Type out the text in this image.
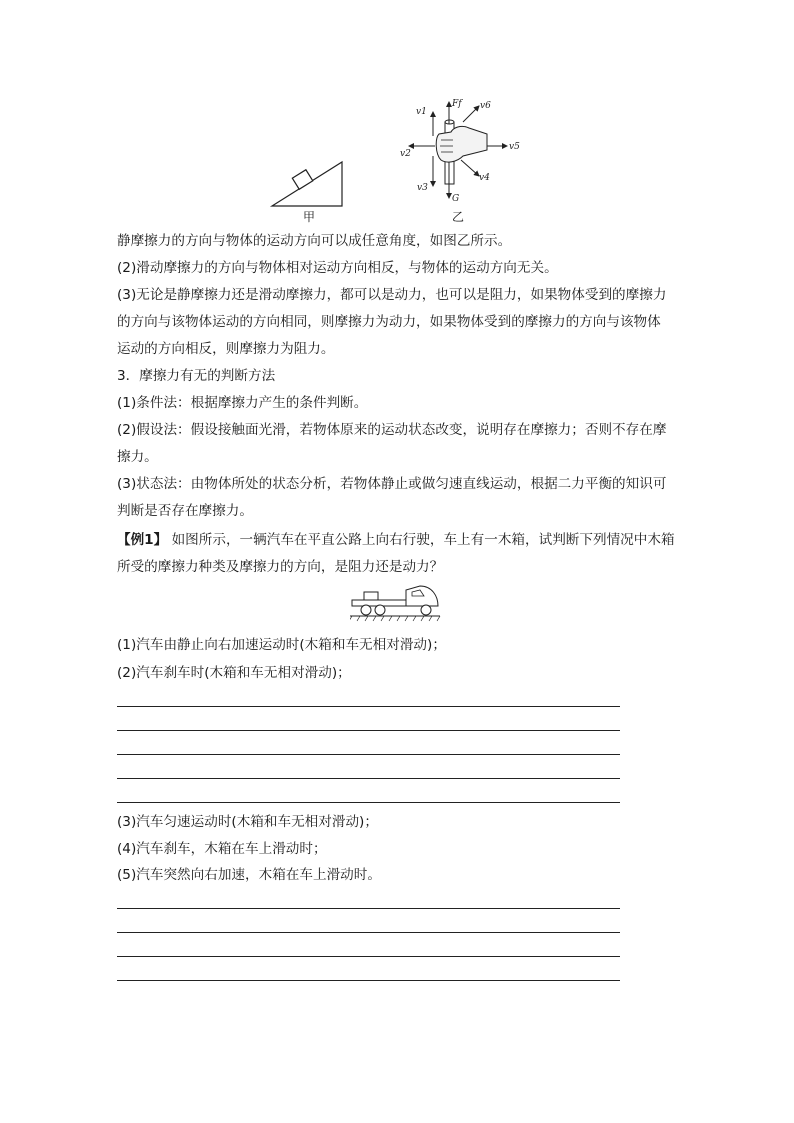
甲
v1
Ff v6
v2
v5
v3
v4
G
乙
静摩擦力的方向与物体的运动方向可以成任意角度，如图乙所示。
(2)滑动摩擦力的方向与物体相对运动方向相反，与物体的运动方向无关。
(3)无论是静摩擦力还是滑动摩擦力，都可以是动力，也可以是阻力，如果物体受到的摩擦力
的方向与该物体运动的方向相同，则摩擦力为动力，如果物体受到的摩擦力的方向与该物体
运动的方向相反，则摩擦力为阻力。
3．摩擦力有无的判断方法
(1)条件法：根据摩擦力产生的条件判断。
(2)假设法：假设接触面光滑，若物体原来的运动状态改变，说明存在摩擦力；否则不存在摩
擦力。
(3)状态法：由物体所处的状态分析，若物体静止或做匀速直线运动，根据二力平衡的知识可
判断是否存在摩擦力。
【例1】 如图所示，一辆汽车在平直公路上向右行驶，车上有一木箱，试判断下列情况中木箱
所受的摩擦力种类及摩擦力的方向，是阻力还是动力？
(1)汽车由静止向右加速运动时(木箱和车无相对滑动)；
(2)汽车刹车时(木箱和车无相对滑动)；
(3)汽车匀速运动时(木箱和车无相对滑动)；
(4)汽车刹车，木箱在车上滑动时；
(5)汽车突然向右加速，木箱在车上滑动时。
